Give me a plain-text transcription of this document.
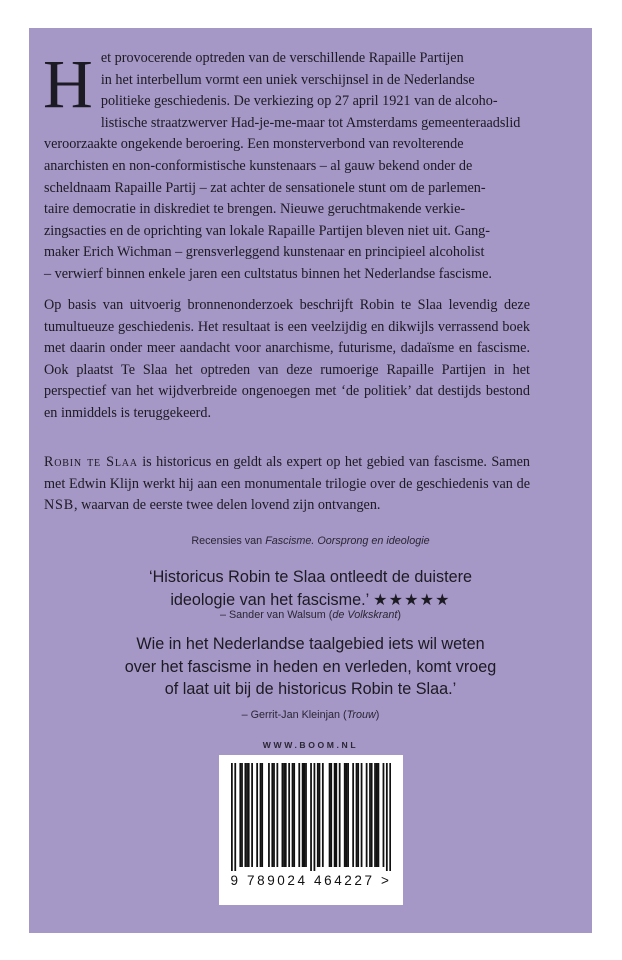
H et provocerende optreden van de verschillende Rapaille Partijen
in het interbellum vormt een uniek verschijnsel in de Nederlandse
politieke geschiedenis. De verkiezing op 27 april 1921 van de alcoho-
listische straatzwerver Had-je-me-maar tot Amsterdams gemeenteraadslid
veroorzaakte ongekende beroering. Een monsterverbond van revolterende
anarchisten en non-conformistische kunstenaars – al gauw bekend onder de
scheldnaam Rapaille Partij – zat achter de sensationele stunt om de parlemen-
taire democratie in diskrediet te brengen. Nieuwe geruchtmakende verkie-
zingsacties en de oprichting van lokale Rapaille Partijen bleven niet uit. Gang-
maker Erich Wichman – grensverleggend kunstenaar en principieel alcoholist
– verwierf binnen enkele jaren een cultstatus binnen het Nederlandse fascisme.
Op basis van uitvoerig bronnenonderzoek beschrijft Robin te Slaa levendig deze tumultueuze geschiedenis. Het resultaat is een veelzijdig en dikwijls verrassend boek met daarin onder meer aandacht voor anarchisme, futurisme, dadaïsme en fascisme. Ook plaatst Te Slaa het optreden van deze rumoerige Rapaille Partijen in het perspectief van het wijdverbreide ongenoegen met ‘de politiek’ dat destijds bestond en inmiddels is teruggekeerd.
Robin te Slaa is historicus en geldt als expert op het gebied van fascisme. Samen met Edwin Klijn werkt hij aan een monumentale trilogie over de geschiedenis van de NSB, waarvan de eerste twee delen lovend zijn ontvangen.
Recensies van Fascisme. Oorsprong en ideologie
‘Historicus Robin te Slaa ontleedt de duistere
ideologie van het fascisme.’ ★★★★★
– Sander van Walsum (de Volkskrant)
Wie in het Nederlandse taalgebied iets wil weten
over het fascisme in heden en verleden, komt vroeg
of laat uit bij de historicus Robin te Slaa.’
– Gerrit-Jan Kleinjan (Trouw)
WWW.BOOM.NL
9 789024 464227 >
